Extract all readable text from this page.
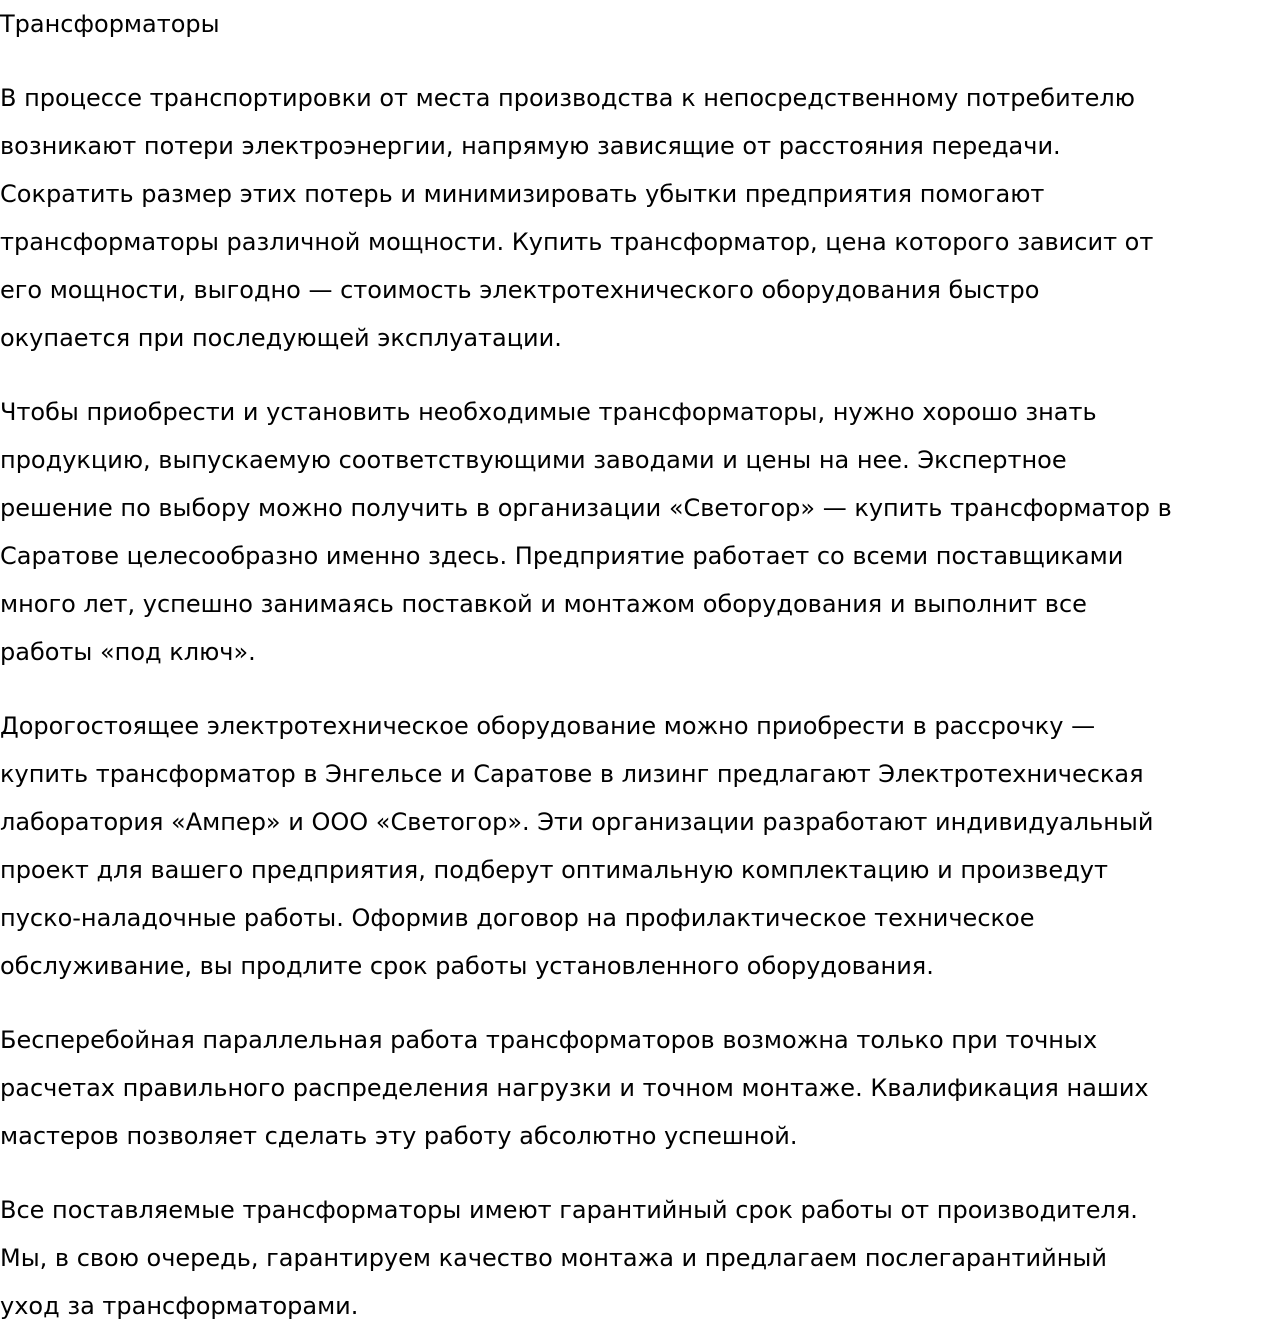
Трансформаторы

В процессе транспортировки от места производства к непосредственному потребителю
возникают потери электроэнергии, напрямую зависящие от расстояния передачи.
Сократить размер этих потерь и минимизировать убытки предприятия помогают
трансформаторы различной мощности. Купить трансформатор, цена которого зависит от
его мощности, выгодно — стоимость электротехнического оборудования быстро
окупается при последующей эксплуатации.

Чтобы приобрести и установить необходимые трансформаторы, нужно хорошо знать
продукцию, выпускаемую соответствующими заводами и цены на нее. Экспертное
решение по выбору можно получить в организации «Светогор» — купить трансформатор в
Саратове целесообразно именно здесь. Предприятие работает со всеми поставщиками
много лет, успешно занимаясь поставкой и монтажом оборудования и выполнит все
работы «под ключ».

Дорогостоящее электротехническое оборудование можно приобрести в рассрочку —
купить трансформатор в Энгельсе и Саратове в лизинг предлагают Электротехническая
лаборатория «Ампер» и ООО «Светогор». Эти организации разработают индивидуальный
проект для вашего предприятия, подберут оптимальную комплектацию и произведут
пуско-наладочные работы. Оформив договор на профилактическое техническое
обслуживание, вы продлите срок работы установленного оборудования.

Бесперебойная параллельная работа трансформаторов возможна только при точных
расчетах правильного распределения нагрузки и точном монтаже. Квалификация наших
мастеров позволяет сделать эту работу абсолютно успешной.

Все поставляемые трансформаторы имеют гарантийный срок работы от производителя.
Мы, в свою очередь, гарантируем качество монтажа и предлагаем послегарантийный
уход за трансформаторами.
